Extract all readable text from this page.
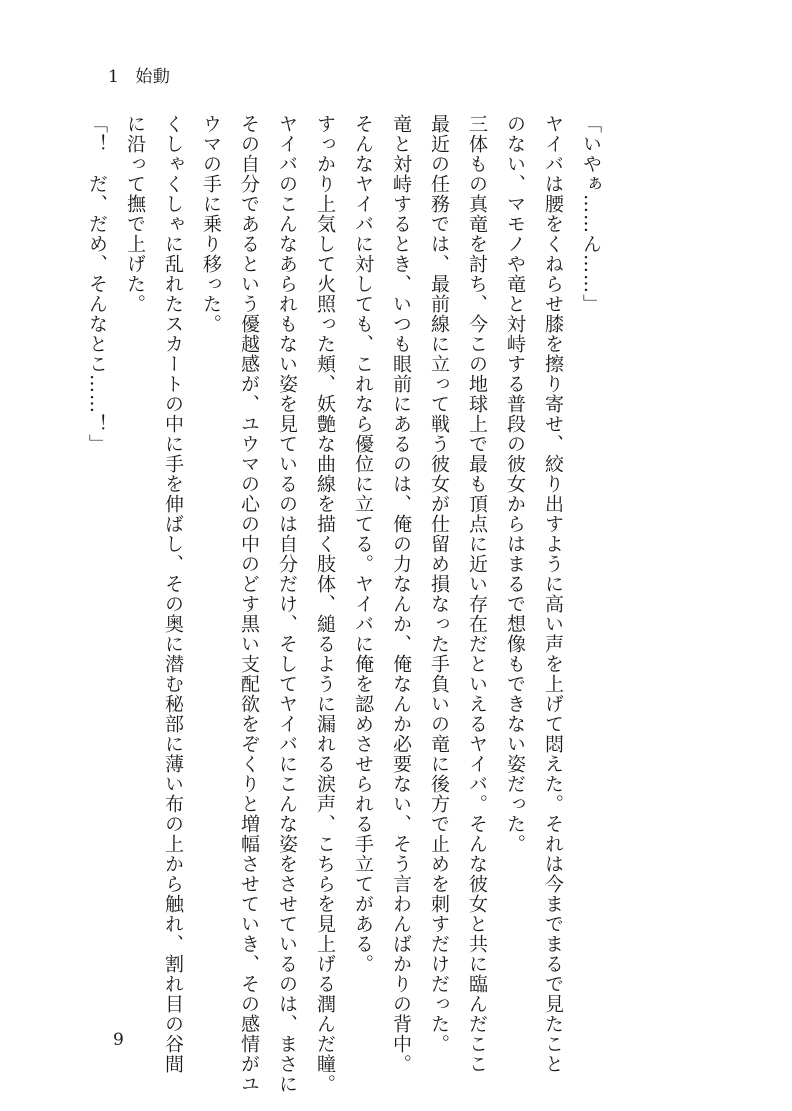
1 始動

「いやぁ……ん……」

ヤイバは腰をくねらせ膝を擦り寄せ、絞り出すように高い声を上げて悶えた。それは今までまるで見たこと

のない、マモノや竜と対峙する普段の彼女からはまるで想像もできない姿だった。

三体もの真竜を討ち、今この地球上で最も頂点に近い存在だといえるヤイバ。そんな彼女と共に臨んだここ

最近の任務では、最前線に立って戦う彼女が仕留め損なった手負いの竜に後方で止めを刺すだけだった。

竜と対峙するとき、いつも眼前にあるのは、俺の力なんか、俺なんか必要ない、そう言わんばかりの背中。

そんなヤイバに対しても、これなら優位に立てる。ヤイバに俺を認めさせられる手立てがある。

すっかり上気して火照った頬、妖艶な曲線を描く肢体、縋るように漏れる涙声、こちらを見上げる潤んだ瞳。

ヤイバのこんなあられもない姿を見ているのは自分だけ、そしてヤイバにこんな姿をさせているのは、まさに

その自分であるという優越感が、ユウマの心の中のどす黒い支配欲をぞくりと増幅させていき、その感情がユ

ウマの手に乗り移った。

くしゃくしゃに乱れたスカートの中に手を伸ばし、その奥に潜む秘部に薄い布の上から触れ、割れ目の谷間

に沿って撫で上げた。

「！　だ、だめ、そんなとこ……！」

9
